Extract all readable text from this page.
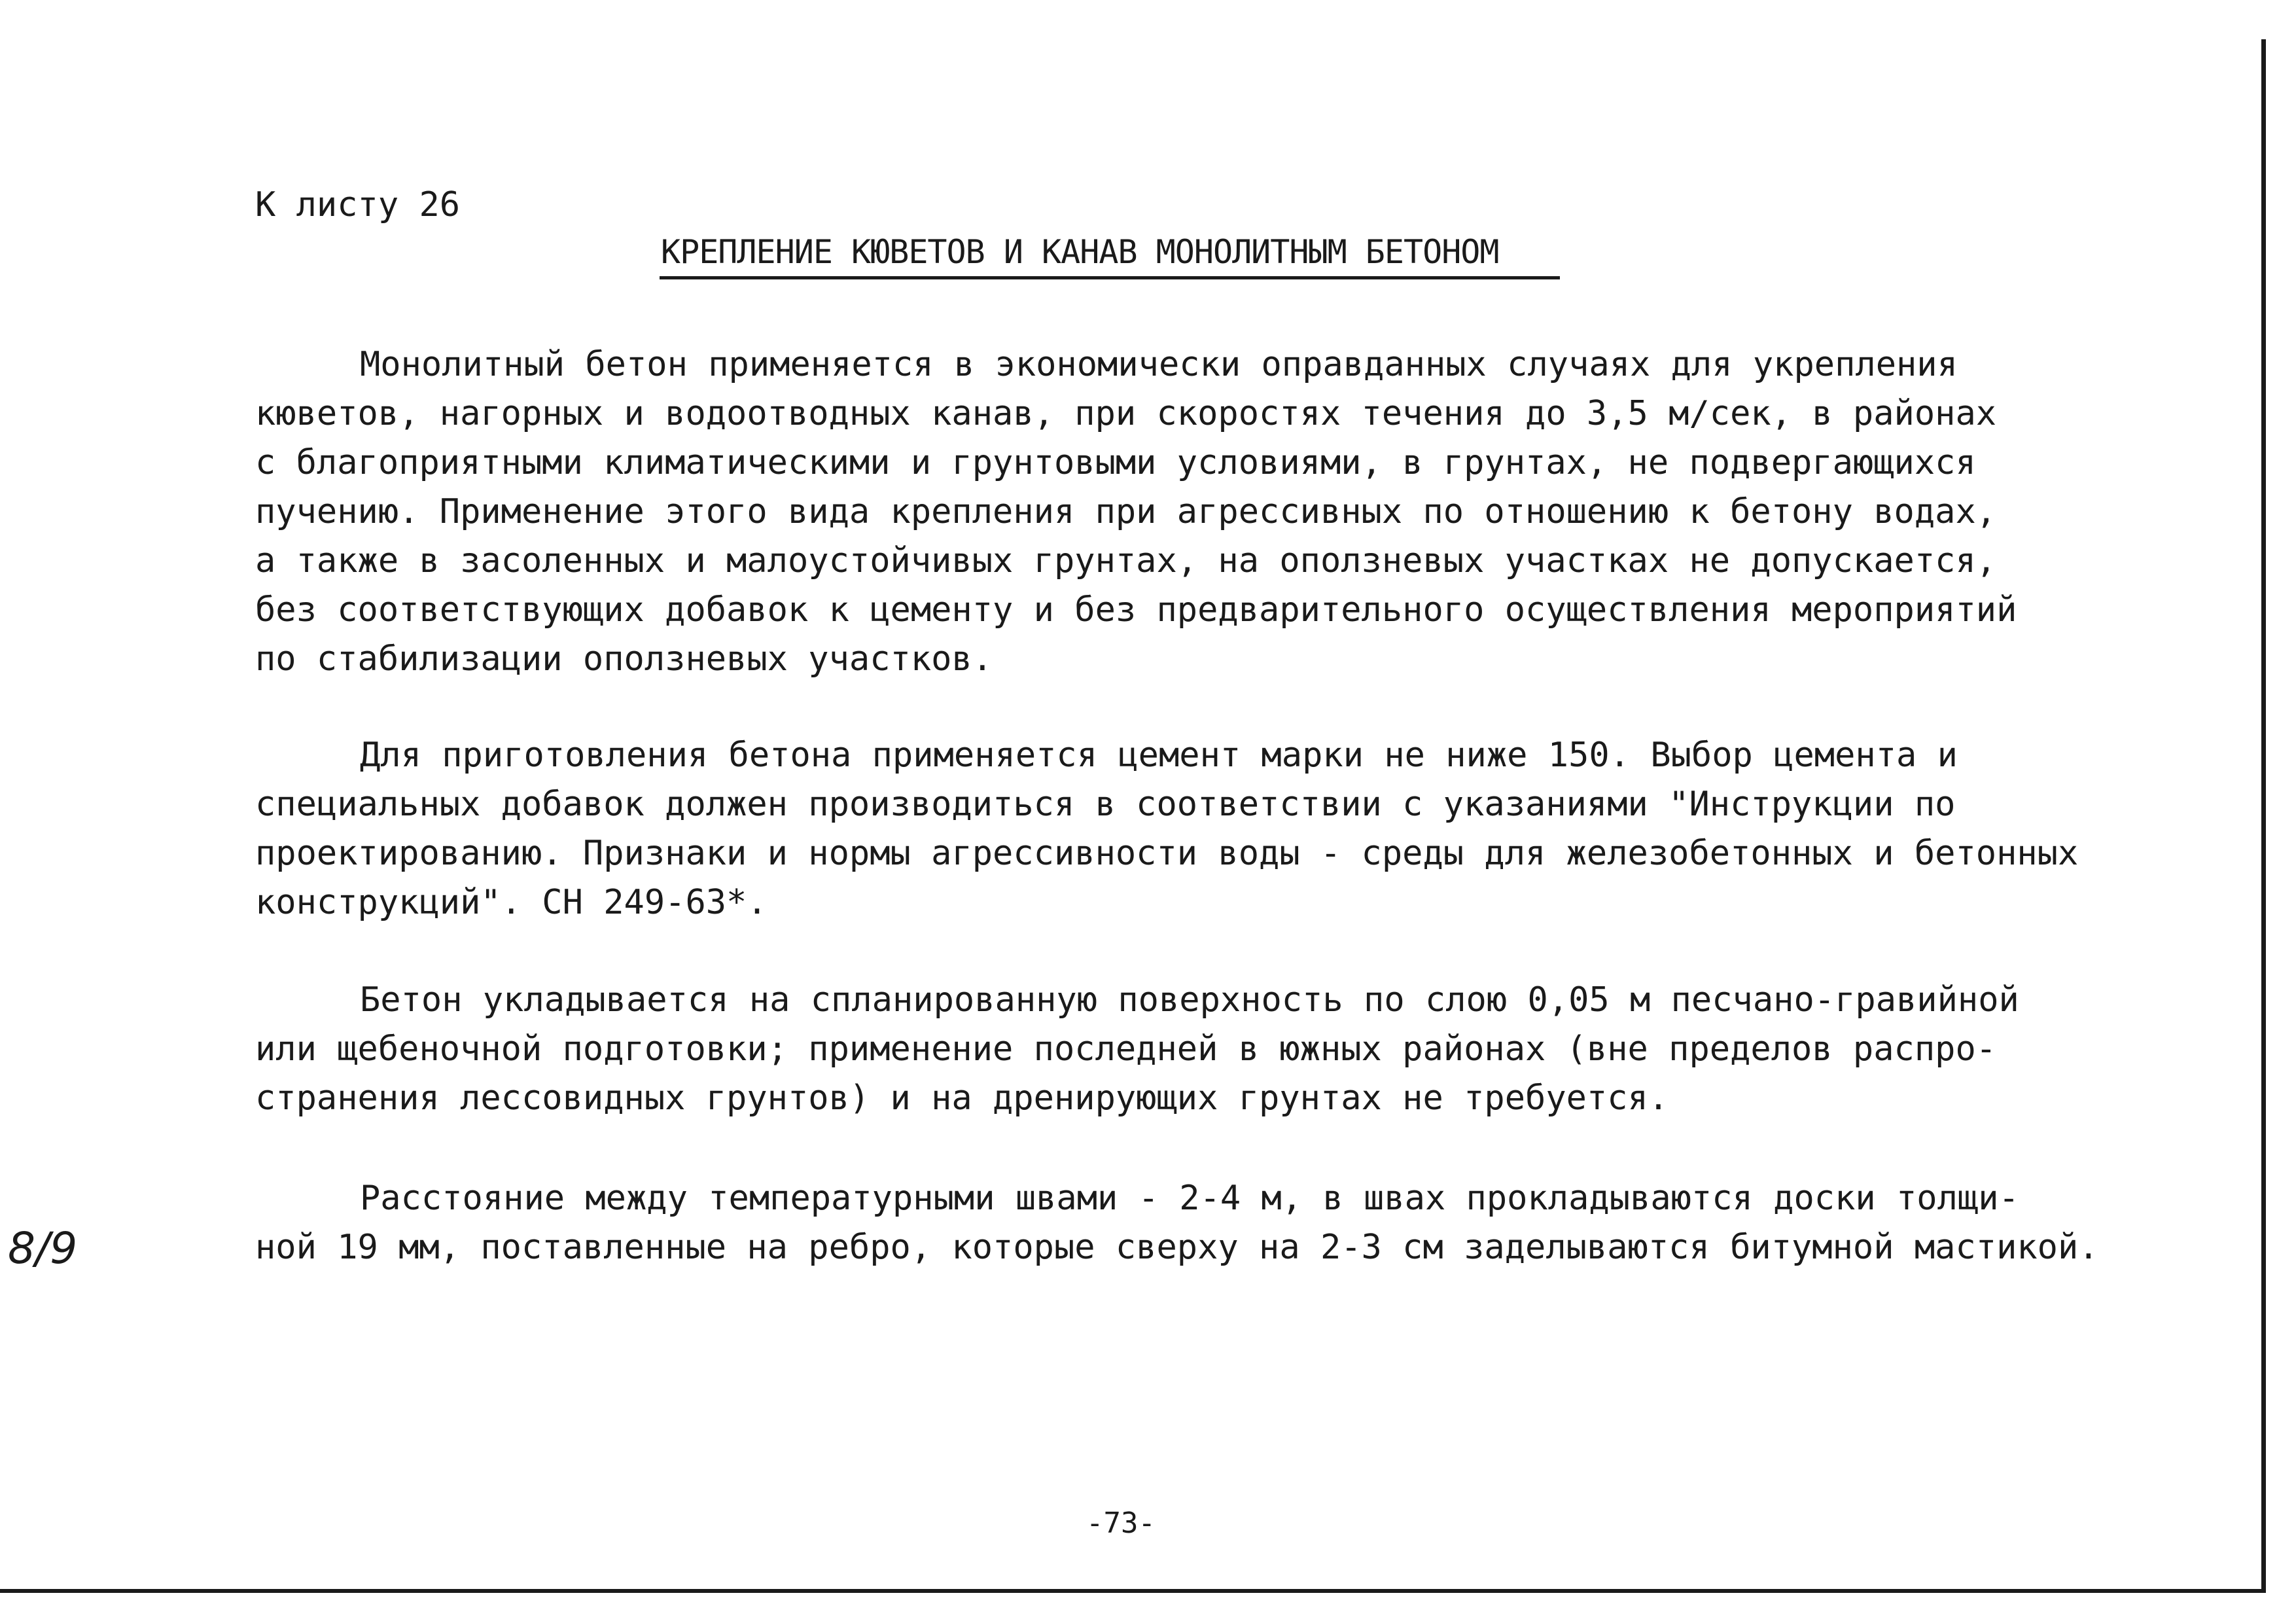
К листу 26
КРЕПЛЕНИЕ КЮВЕТОВ И КАНАВ МОНОЛИТНЫМ БЕТОНОМ

Монолитный бетон применяется в экономически оправданных случаях для укрепления
кюветов, нагорных и водоотводных канав, при скоростях течения до 3,5 м/сек, в районах
с благоприятными климатическими и грунтовыми условиями, в грунтах, не подвергающихся
пучению. Применение этого вида крепления при агрессивных по отношению к бетону водах,
а также в засоленных и малоустойчивых грунтах, на оползневых участках не допускается,
без соответствующих добавок к цементу и без предварительного осуществления мероприятий
по стабилизации оползневых участков.

Для приготовления бетона применяется цемент марки не ниже 150. Выбор цемента и
специальных добавок должен производиться в соответствии с указаниями "Инструкции по
проектированию. Признаки и нормы агрессивности воды - среды для железобетонных и бетонных
конструкций". СН 249-63*.

Бетон укладывается на спланированную поверхность по слою 0,05 м песчано-гравийной
или щебеночной подготовки; применение последней в южных районах (вне пределов распро-
странения лессовидных грунтов) и на дренирующих грунтах не требуется.

Расстояние между температурными швами - 2-4 м, в швах прокладываются доски толщи-
ной 19 мм, поставленные на ребро, которые сверху на 2-3 см заделываются битумной мастикой.

8/9
-73-
